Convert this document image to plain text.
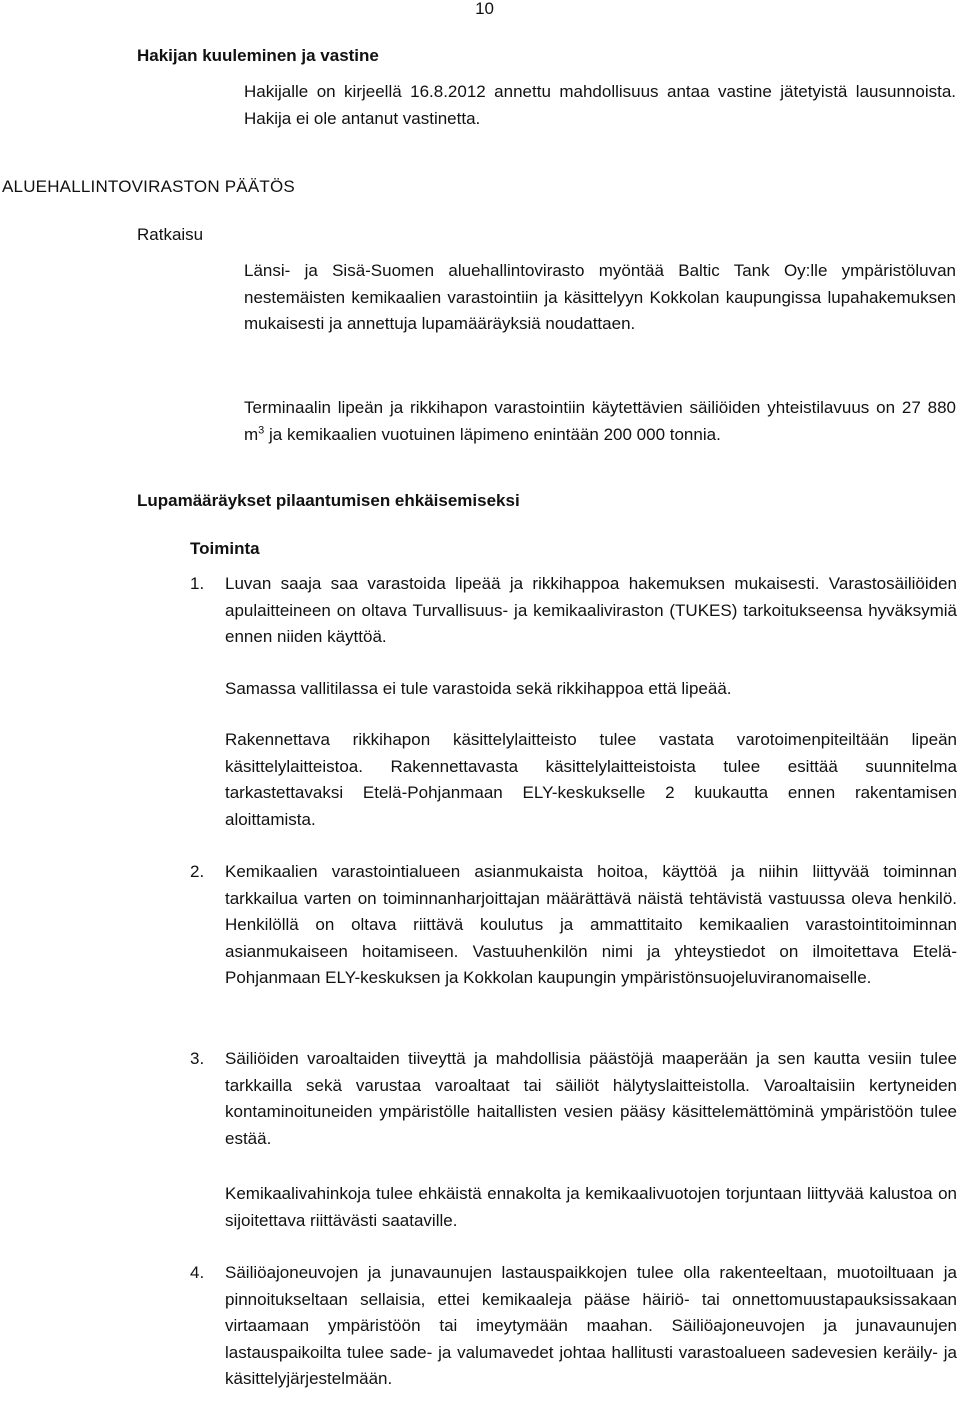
10
Hakijan kuuleminen ja vastine
Hakijalle on kirjeellä 16.8.2012 annettu mahdollisuus antaa vastine jätetyistä lausunnoista. Hakija ei ole antanut vastinetta.
ALUEHALLINTOVIRASTON PÄÄTÖS
Ratkaisu
Länsi- ja Sisä-Suomen aluehallintovirasto myöntää Baltic Tank Oy:lle ympäristöluvan nestemäisten kemikaalien varastointiin ja käsittelyyn Kokkolan kaupungissa lupahakemuksen mukaisesti ja annettuja lupamääräyksiä noudattaen.
Terminaalin lipeän ja rikkihapon varastointiin käytettävien säiliöiden yhteistilavuus on 27 880 $m^3$ ja kemikaalien vuotuinen läpimeno enintään 200 000 tonnia.
Lupamääräykset pilaantumisen ehkäisemiseksi
Toiminta
1.	Luvan saaja saa varastoida lipeää ja rikkihappoa hakemuksen mukaisesti. Varastosäiliöiden apulaitteineen on oltava Turvallisuus- ja kemikaaliviraston (TUKES) tarkoitukseensa hyväksymiä ennen niiden käyttöä.
Samassa vallitilassa ei tule varastoida sekä rikkihappoa että lipeää.
Rakennettava rikkihapon käsittelylaitteisto tulee vastata varotoimenpiteiltään lipeän käsittelylaitteistoa. Rakennettavasta käsittelylaitteistoista tulee esittää suunnitelma tarkastettavaksi Etelä-Pohjanmaan ELY-keskukselle 2 kuukautta ennen rakentamisen aloittamista.
2.	Kemikaalien varastointialueen asianmukaista hoitoa, käyttöä ja niihin liittyvää toiminnan tarkkailua varten on toiminnanharjoittajan määrättävä näistä tehtävistä vastuussa oleva henkilö. Henkilöllä on oltava riittävä koulutus ja ammattitaito kemikaalien varastointitoiminnan asianmukaiseen hoitamiseen. Vastuuhenkilön nimi ja yhteystiedot on ilmoitettava Etelä-Pohjanmaan ELY-keskuksen ja Kokkolan kaupungin ympäristönsuojeluviranomaiselle.
3.	Säiliöiden varoaltaiden tiiveyttä ja mahdollisia päästöjä maaperään ja sen kautta vesiin tulee tarkkailla sekä varustaa varoaltaat tai säiliöt hälytyslaitteistolla. Varoaltaisiin kertyneiden kontaminoituneiden ympäristölle haitallisten vesien pääsy käsittelemättöminä ympäristöön tulee estää.
Kemikaalivahinkoja tulee ehkäistä ennakolta ja kemikaalivuotojen torjuntaan liittyvää kalustoa on sijoitettava riittävästi saataville.
4.	Säiliöajoneuvojen ja junavaunujen lastauspaikkojen tulee olla rakenteeltaan, muotoiltuaan ja pinnoitukseltaan sellaisia, ettei kemikaaleja pääse häiriö- tai onnettomuustapauksissakaan virtaamaan ympäristöön tai imeytymään maahan. Säiliöajoneuvojen ja junavaunujen lastauspaikoilta tulee sade- ja valumavedet johtaa hallitusti varastoalueen sadevesien keräily- ja käsittelyjärjestelmään.
